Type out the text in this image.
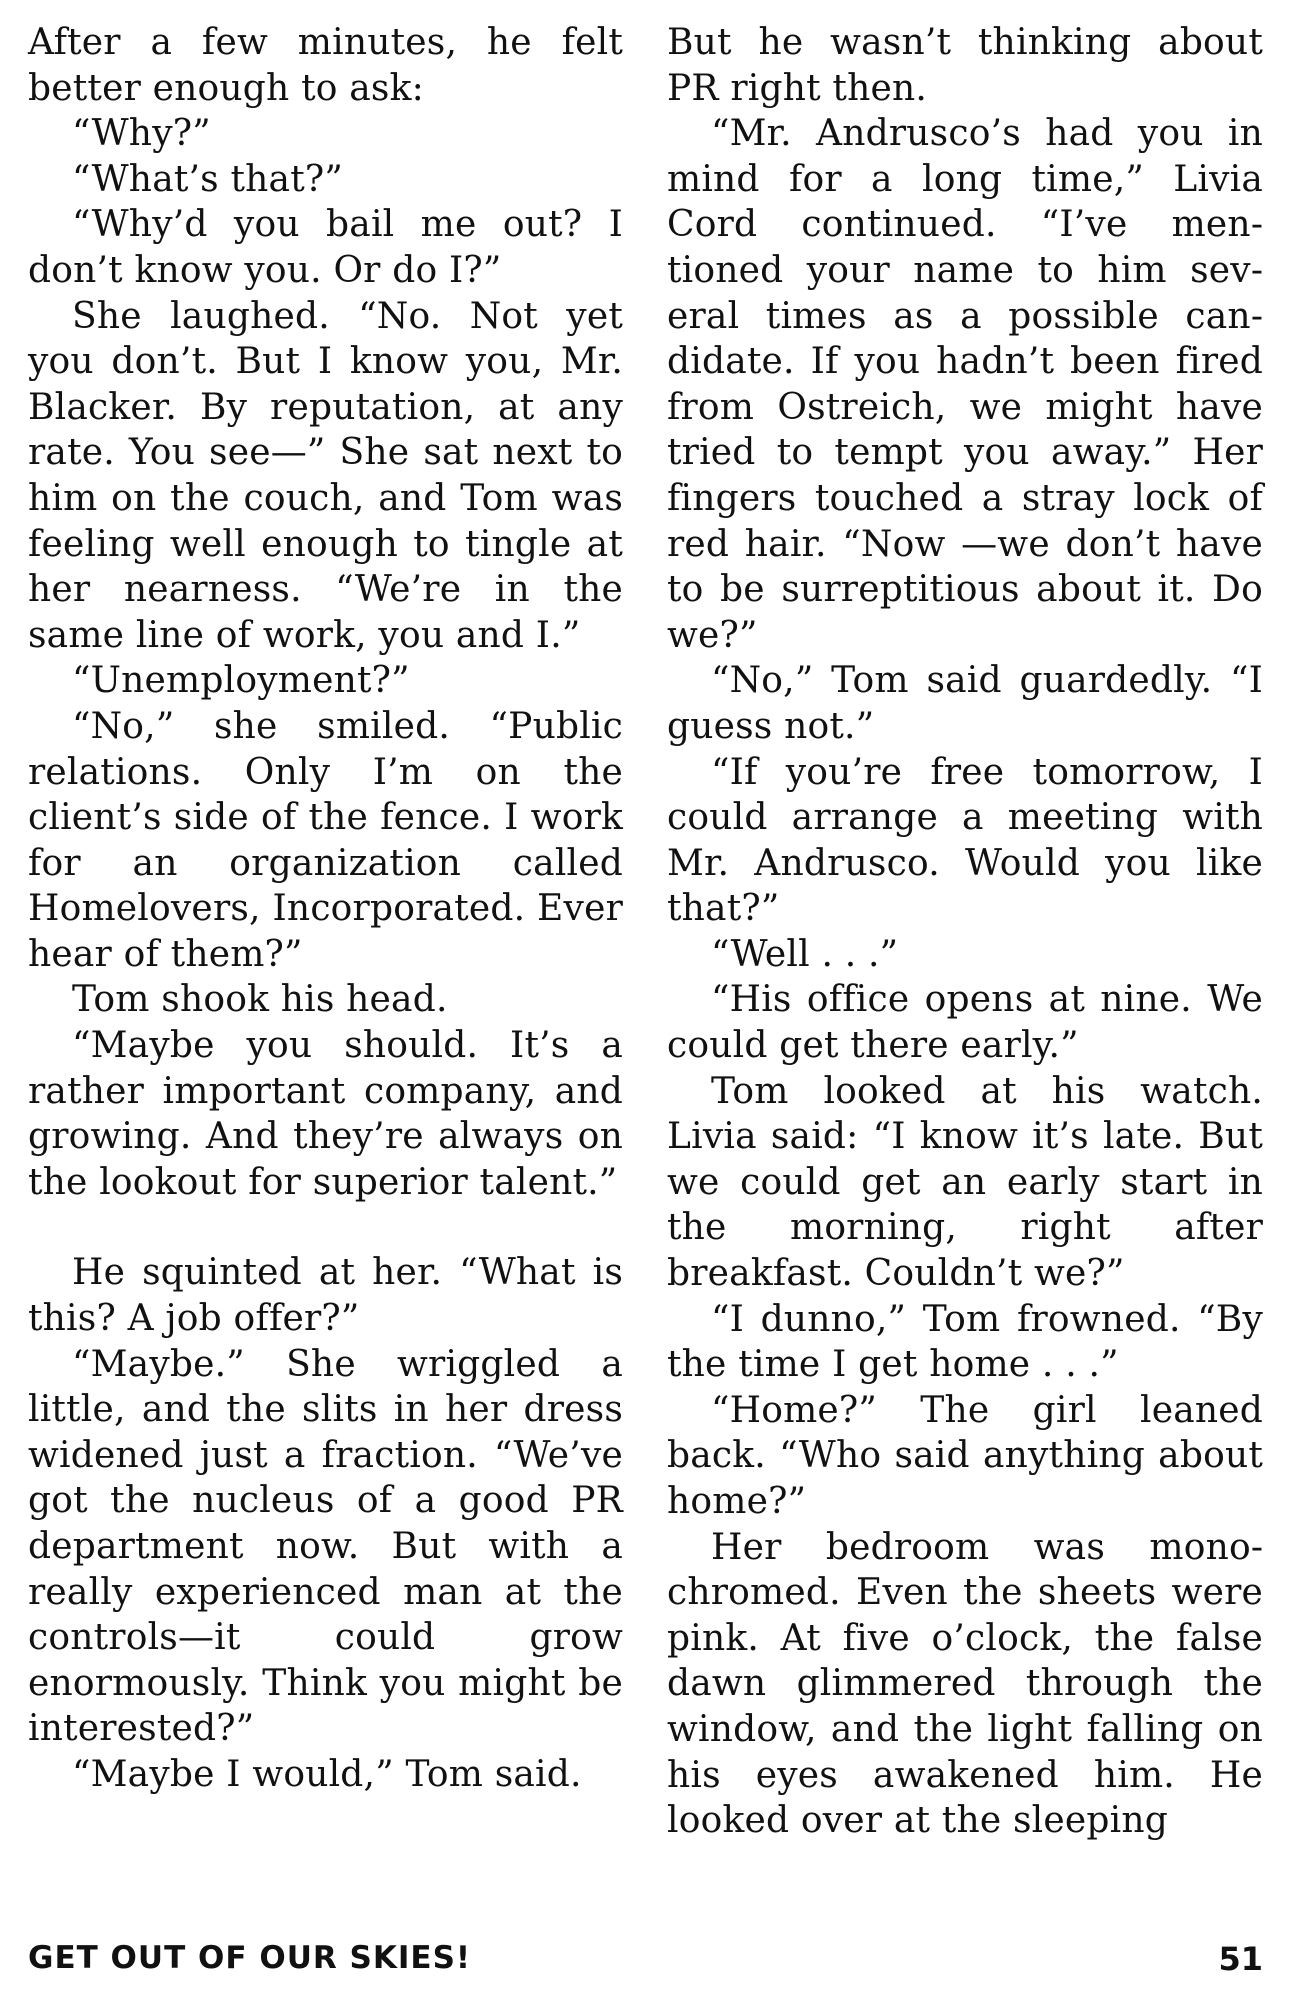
After a few minutes, he felt better enough to ask:

“Why?”

“What’s that?”

“Why’d you bail me out? I don’t know you. Or do I?”

She laughed. “No. Not yet you don’t. But I know you, Mr. Blacker. By reputation, at any rate. You see—” She sat next to him on the couch, and Tom was feeling well enough to tingle at her nearness. “We’re in the same line of work, you and I.”

“Unemployment?”

“No,” she smiled. “Public relations. Only I’m on the client’s side of the fence. I work for an organization called Homelovers, Incorporated. Ever hear of them?”

Tom shook his head.

“Maybe you should. It’s a rather important company, and growing. And they’re always on the lookout for superior talent.”

He squinted at her. “What is this? A job offer?”

“Maybe.” She wriggled a little, and the slits in her dress widened just a fraction. “We’ve got the nucleus of a good PR department now. But with a really experienced man at the controls—it could grow enormously. Think you might be interested?”

“Maybe I would,” Tom said.

But he wasn’t thinking about PR right then.

“Mr. Andrusco’s had you in mind for a long time,” Livia Cord continued. “I’ve mentioned your name to him several times as a possible candidate. If you hadn’t been fired from Ostreich, we might have tried to tempt you away.” Her fingers touched a stray lock of red hair. “Now —we don’t have to be surreptitious about it. Do we?”

“No,” Tom said guardedly. “I guess not.”

“If you’re free tomorrow, I could arrange a meeting with Mr. Andrusco. Would you like that?”

“Well . . .”

“His office opens at nine. We could get there early.”

Tom looked at his watch. Livia said: “I know it’s late. But we could get an early start in the morning, right after breakfast. Couldn’t we?”

“I dunno,” Tom frowned. “By the time I get home . . .”

“Home?” The girl leaned back. “Who said anything about home?”

Her bedroom was monochromed. Even the sheets were pink. At five o’clock, the false dawn glimmered through the window, and the light falling on his eyes awakened him. He looked over at the sleeping

GET OUT OF OUR SKIES!	51
